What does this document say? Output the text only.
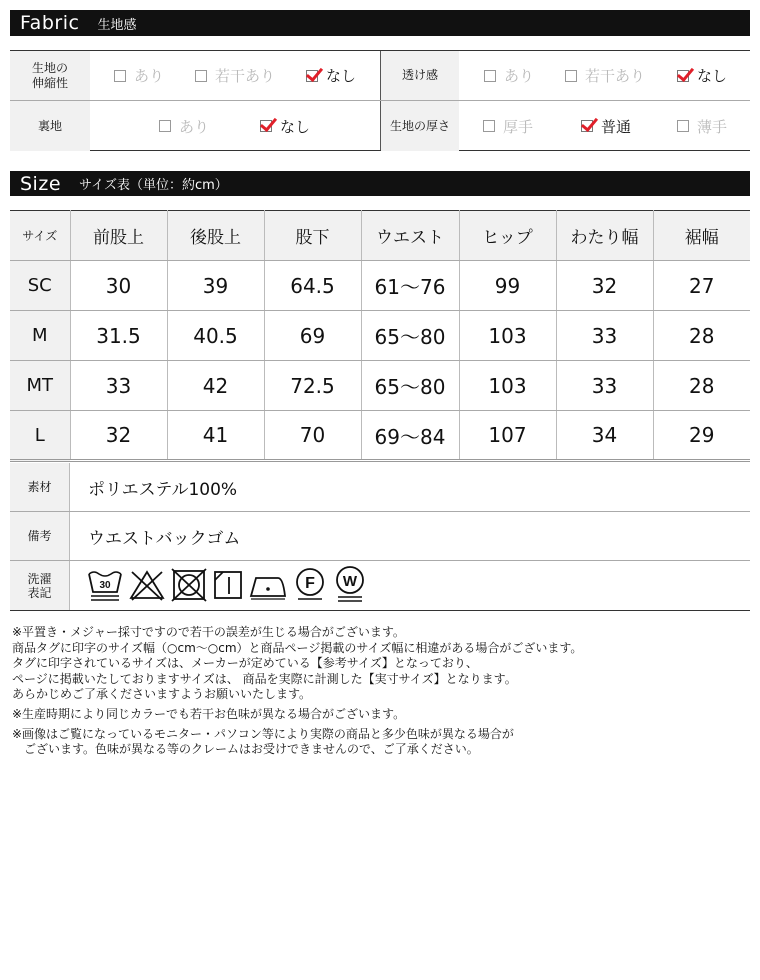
Fabric 生地感
生地の
伸縮性	あり	若干あり	なし	透け感	あり	若干あり	なし
裏地	あり	なし	生地の厚さ	厚手	普通	薄手
Size サイズ表（単位：約cm）
サイズ	前股上	後股上	股下	ウエスト	ヒップ	わたり幅	裾幅
SC	30	39	64.5	61〜76	99	32	27
M	31.5	40.5	69	65〜80	103	33	28
MT	33	42	72.5	65〜80	103	33	28
L	32	41	70	69〜84	107	34	29
素材	ポリエステル100%
備考	ウエストバックゴム
洗濯
表記	30	F W

※平置き・メジャー採寸ですので若干の誤差が生じる場合がございます。

商品タグに印字のサイズ幅（○cm〜○cm）と商品ページ掲載のサイズ幅に相違がある場合がございます。

タグに印字されているサイズは、メーカーが定めている【参考サイズ】となっており、

ページに掲載いたしておりますサイズは、 商品を実際に計測した【実寸サイズ】となります。

あらかじめご了承くださいますようお願いいたします。

※生産時期により同じカラーでも若干お色味が異なる場合がございます。

※画像はご覧になっているモニター・パソコン等により実際の商品と多少色味が異なる場合が

　ございます。色味が異なる等のクレームはお受けできませんので、ご了承ください。
